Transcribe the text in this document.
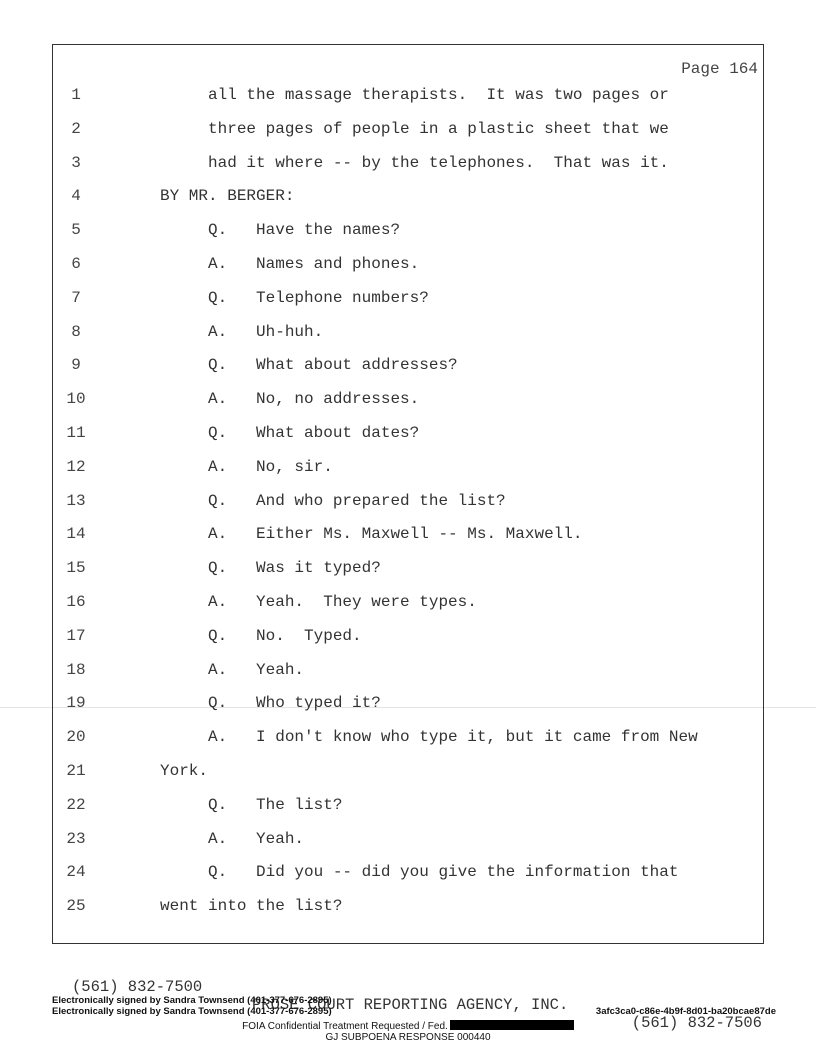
Page 164
1	all the massage therapists.  It was two pages or
2	three pages of people in a plastic sheet that we
3	had it where -- by the telephones.  That was it.
4	BY MR. BERGER:
5	Q.   Have the names?
6	A.   Names and phones.
7	Q.   Telephone numbers?
8	A.   Uh-huh.
9	Q.   What about addresses?
10	A.   No, no addresses.
11	Q.   What about dates?
12	A.   No, sir.
13	Q.   And who prepared the list?
14	A.   Either Ms. Maxwell -- Ms. Maxwell.
15	Q.   Was it typed?
16	A.   Yeah.  They were types.
17	Q.   No.  Typed.
18	A.   Yeah.
19	Q.   Who typed it?
20	A.   I don't know who type it, but it came from New
21	York.
22	Q.   The list?
23	A.   Yeah.
24	Q.   Did you -- did you give the information that
25	went into the list?

(561) 832-7500

PROSE COURT REPORTING AGENCY, INC.

(561) 832-7506

Electronically signed by Sandra Townsend (401-377-676-2895)
Electronically signed by Sandra Townsend (401-377-676-2895)	3afc3ca0-c86e-4b9f-8d01-ba20bcae87de
FOIA Confidential Treatment Requested / Fed.
GJ SUBPOENA RESPONSE 000440
